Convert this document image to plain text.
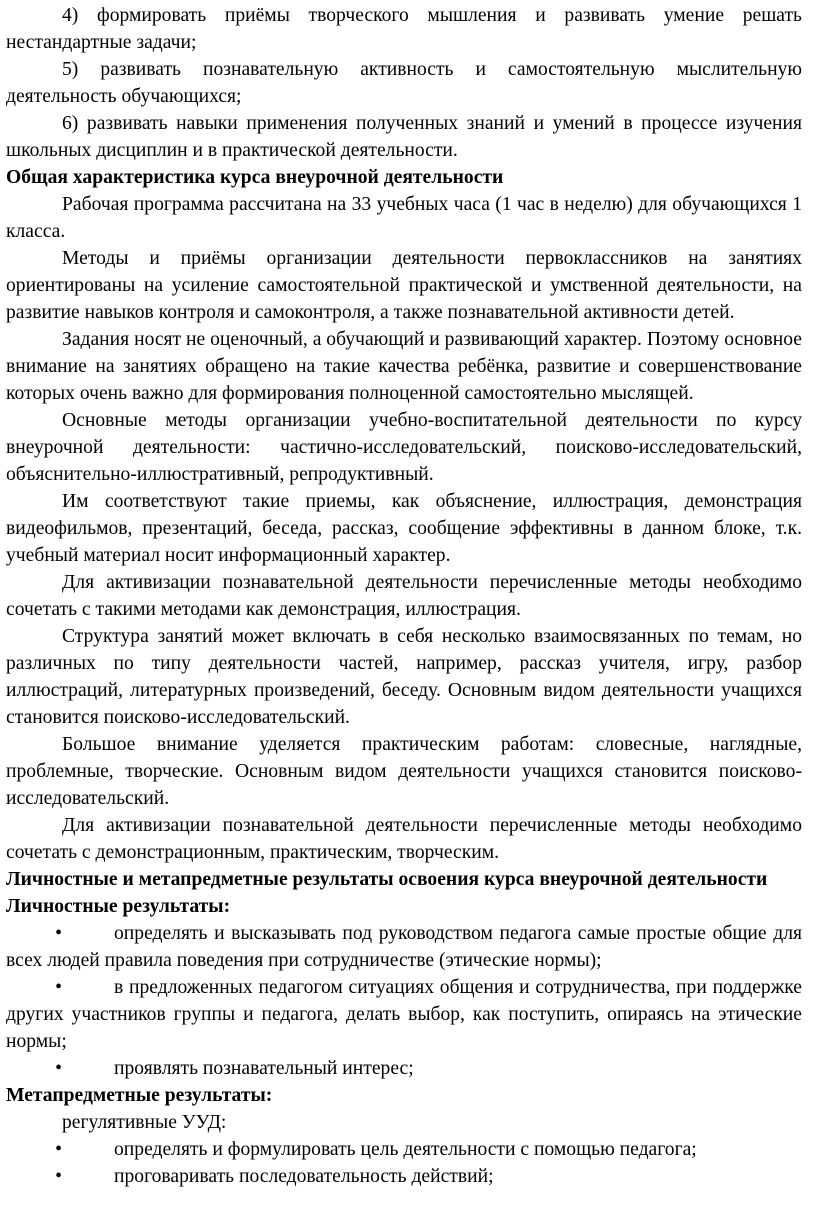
4) формировать приёмы творческого мышления и развивать умение решать нестандартные задачи;

5) развивать познавательную активность и самостоятельную мыслительную деятельность обучающихся;

6) развивать навыки применения полученных знаний и умений в процессе изучения школьных дисциплин и в практической деятельности.

Общая характеристика курса внеурочной деятельности

Рабочая программа рассчитана на 33 учебных часа (1 час в неделю) для обучающихся 1 класса.

Методы и приёмы организации деятельности первоклассников на занятиях ориентированы на усиление самостоятельной практической и умственной деятельности, на развитие навыков контроля и самоконтроля, а также познавательной активности детей.

Задания носят не оценочный, а обучающий и развивающий характер. Поэтому основное внимание на занятиях обращено на такие качества ребёнка, развитие и совершенствование которых очень важно для формирования полноценной самостоятельно мыслящей.

Основные методы организации учебно-воспитательной деятельности по курсу внеурочной деятельности: частично-исследовательский, поисково-исследовательский, объяснительно-иллюстративный, репродуктивный.

Им соответствуют такие приемы, как объяснение, иллюстрация, демонстрация видеофильмов, презентаций, беседа, рассказ, сообщение эффективны в данном блоке, т.к. учебный материал носит информационный характер.

Для активизации познавательной деятельности перечисленные методы необходимо сочетать с такими методами как демонстрация, иллюстрация.

Структура занятий может включать в себя несколько взаимосвязанных по темам, но различных по типу деятельности частей, например, рассказ учителя, игру, разбор иллюстраций, литературных произведений, беседу. Основным видом деятельности учащихся становится поисково-исследовательский.

Большое внимание уделяется практическим работам: словесные, наглядные, проблемные, творческие. Основным видом деятельности учащихся становится поисково-исследовательский.

Для активизации познавательной деятельности перечисленные методы необходимо сочетать с демонстрационным, практическим, творческим.

Личностные и метапредметные результаты освоения курса внеурочной деятельности
Личностные результаты:

•	определять и высказывать под руководством педагога самые простые общие для всех людей правила поведения при сотрудничестве (этические нормы);

•	в предложенных педагогом ситуациях общения и сотрудничества, при поддержке других участников группы и педагога, делать выбор, как поступить, опираясь на этические нормы;

•	проявлять познавательный интерес;

Метапредметные результаты:

регулятивные УУД:

•	определять и формулировать цель деятельности с помощью педагога;

•	проговаривать последовательность действий;
